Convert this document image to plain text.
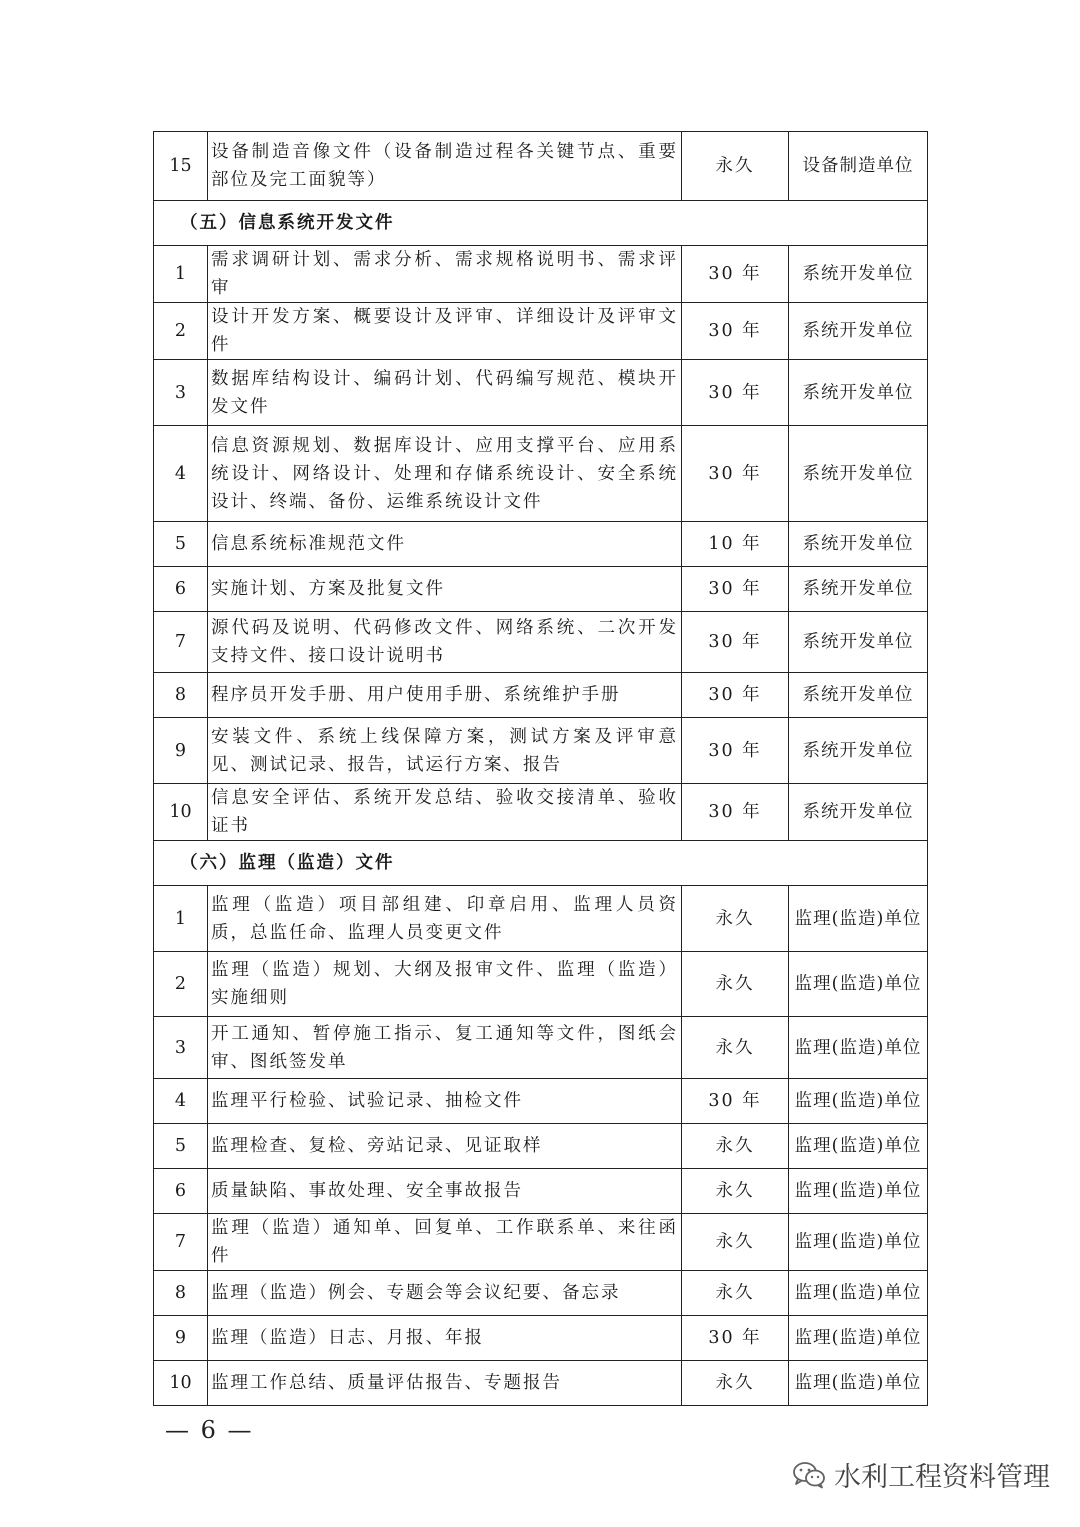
15	设备制造音像文件（设备制造过程各关键节点、重要部位及完工面貌等）	永久	设备制造单位
（五）信息系统开发文件			
1	需求调研计划、需求分析、需求规格说明书、需求评审	30 年	系统开发单位
2	设计开发方案、概要设计及评审、详细设计及评审文件	30 年	系统开发单位
3	数据库结构设计、编码计划、代码编写规范、模块开发文件	30 年	系统开发单位
4	信息资源规划、数据库设计、应用支撑平台、应用系统设计、网络设计、处理和存储系统设计、安全系统设计、终端、备份、运维系统设计文件	30 年	系统开发单位
5	信息系统标准规范文件	10 年	系统开发单位
6	实施计划、方案及批复文件	30 年	系统开发单位
7	源代码及说明、代码修改文件、网络系统、二次开发支持文件、接口设计说明书	30 年	系统开发单位
8	程序员开发手册、用户使用手册、系统维护手册	30 年	系统开发单位
9	安装文件、系统上线保障方案，测试方案及评审意见、测试记录、报告，试运行方案、报告	30 年	系统开发单位
10	信息安全评估、系统开发总结、验收交接清单、验收证书	30 年	系统开发单位
（六）监理（监造）文件			
1	监理（监造）项目部组建、印章启用、监理人员资质，总监任命、监理人员变更文件	永久	监理(监造)单位
2	监理（监造）规划、大纲及报审文件、监理（监造）实施细则	永久	监理(监造)单位
3	开工通知、暂停施工指示、复工通知等文件，图纸会审、图纸签发单	永久	监理(监造)单位
4	监理平行检验、试验记录、抽检文件	30 年	监理(监造)单位
5	监理检查、复检、旁站记录、见证取样	永久	监理(监造)单位
6	质量缺陷、事故处理、安全事故报告	永久	监理(监造)单位
7	监理（监造）通知单、回复单、工作联系单、来往函件	永久	监理(监造)单位
8	监理（监造）例会、专题会等会议纪要、备忘录	永久	监理(监造)单位
9	监理（监造）日志、月报、年报	30 年	监理(监造)单位
10	监理工作总结、质量评估报告、专题报告	永久	监理(监造)单位
— 6 —
水利工程资料管理
